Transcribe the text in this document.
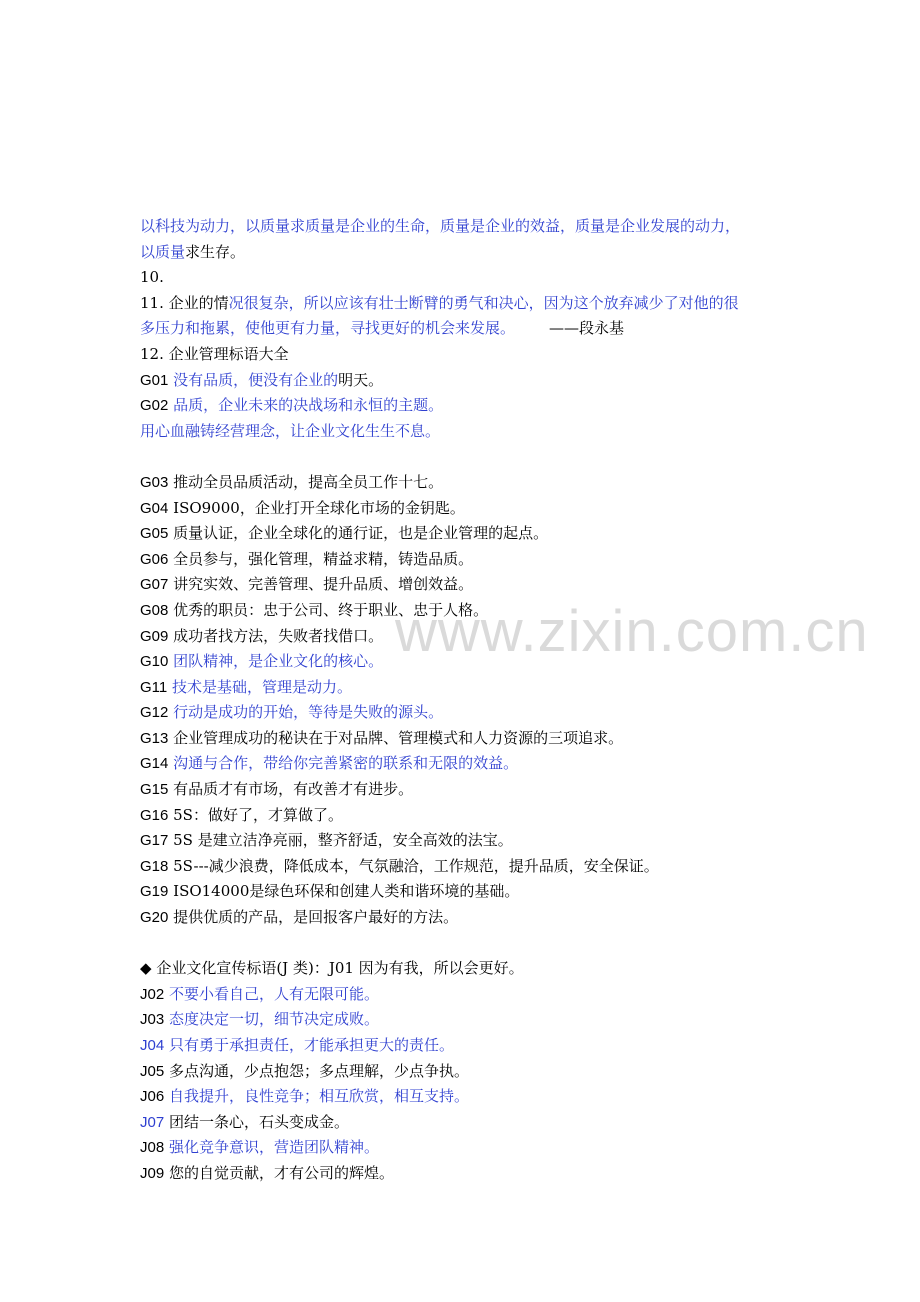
www.zixin.com.cn
以科技为动力，以质量求质量是企业的生命，质量是企业的效益，质量是企业发展的动力，
以质量求生存。
10.
11. 企业的情况很复杂，所以应该有壮士断臂的勇气和决心，因为这个放弃减少了对他的很
多压力和拖累，使他更有力量，寻找更好的机会来发展。 ——段永基
12. 企业管理标语大全
G01 没有品质，便没有企业的明天。
G02 品质，企业未来的决战场和永恒的主题。
用心血融铸经营理念，让企业文化生生不息。
G03 推动全员品质活动，提高全员工作十七。
G04 ISO9000，企业打开全球化市场的金钥匙。
G05 质量认证，企业全球化的通行证，也是企业管理的起点。
G06 全员参与，强化管理，精益求精，铸造品质。
G07 讲究实效、完善管理、提升品质、增创效益。
G08 优秀的职员：忠于公司、终于职业、忠于人格。
G09 成功者找方法，失败者找借口。
G10 团队精神，是企业文化的核心。
G11 技术是基础，管理是动力。
G12 行动是成功的开始，等待是失败的源头。
G13 企业管理成功的秘诀在于对品牌、管理模式和人力资源的三项追求。
G14 沟通与合作，带给你完善紧密的联系和无限的效益。
G15 有品质才有市场，有改善才有进步。
G16 5S：做好了，才算做了。
G17 5S 是建立洁净亮丽，整齐舒适，安全高效的法宝。
G18 5S---减少浪费，降低成本，气氛融洽，工作规范，提升品质，安全保证。
G19 ISO14000是绿色环保和创建人类和谐环境的基础。
G20 提供优质的产品，是回报客户最好的方法。
◆ 企业文化宣传标语(J 类)：J01 因为有我，所以会更好。
J02 不要小看自己，人有无限可能。
J03 态度决定一切，细节决定成败。
J04 只有勇于承担责任，才能承担更大的责任。
J05 多点沟通，少点抱怨；多点理解，少点争执。
J06 自我提升，良性竞争；相互欣赏，相互支持。
J07 团结一条心，石头变成金。
J08 强化竞争意识，营造团队精神。
J09 您的自觉贡献，才有公司的辉煌。
